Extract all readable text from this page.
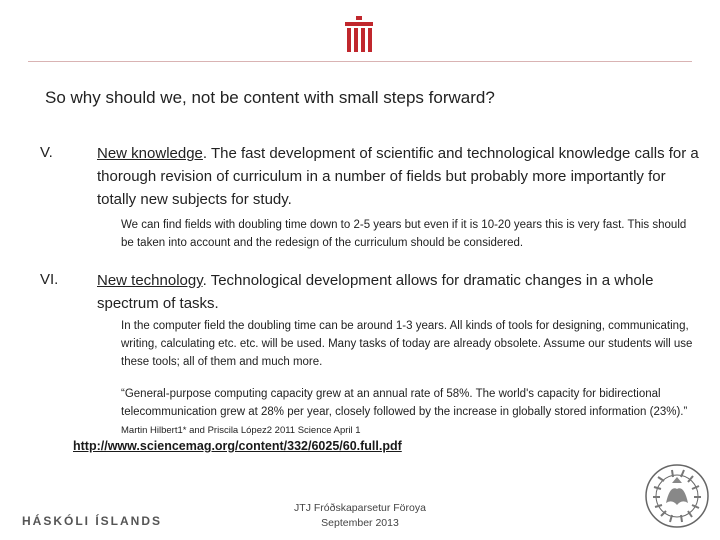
So why should we, not be content with small steps forward?
V.	New knowledge. The fast development of scientific and technological knowledge calls for a thorough revision of curriculum in a number of fields but probably more importantly for totally new subjects for study.
We can find fields with doubling time down to 2-5 years but even if it is 10-20 years this is very fast. This should be taken into account and the redesign of the curriculum should be considered.
VI.	New technology. Technological development allows for dramatic changes in a whole spectrum of tasks.
In the computer field the doubling time can be around 1-3 years. All kinds of tools for designing, communicating, writing, calculating etc. etc. will be used. Many tasks of today are already obsolete. Assume our students will use these tools; all of them and much more.
“General-purpose computing capacity grew at an annual rate of 58%. The world's capacity for bidirectional telecommunication grew at 28% per year, closely followed by the increase in globally stored information (23%).” Martin Hilbert1* and Priscila López2 2011 Science April 1
http://www.sciencemag.org/content/332/6025/60.full.pdf
HÁSKÓLI ÍSLANDS
JTJ Fróðskaparsetur Föroya
September 2013
